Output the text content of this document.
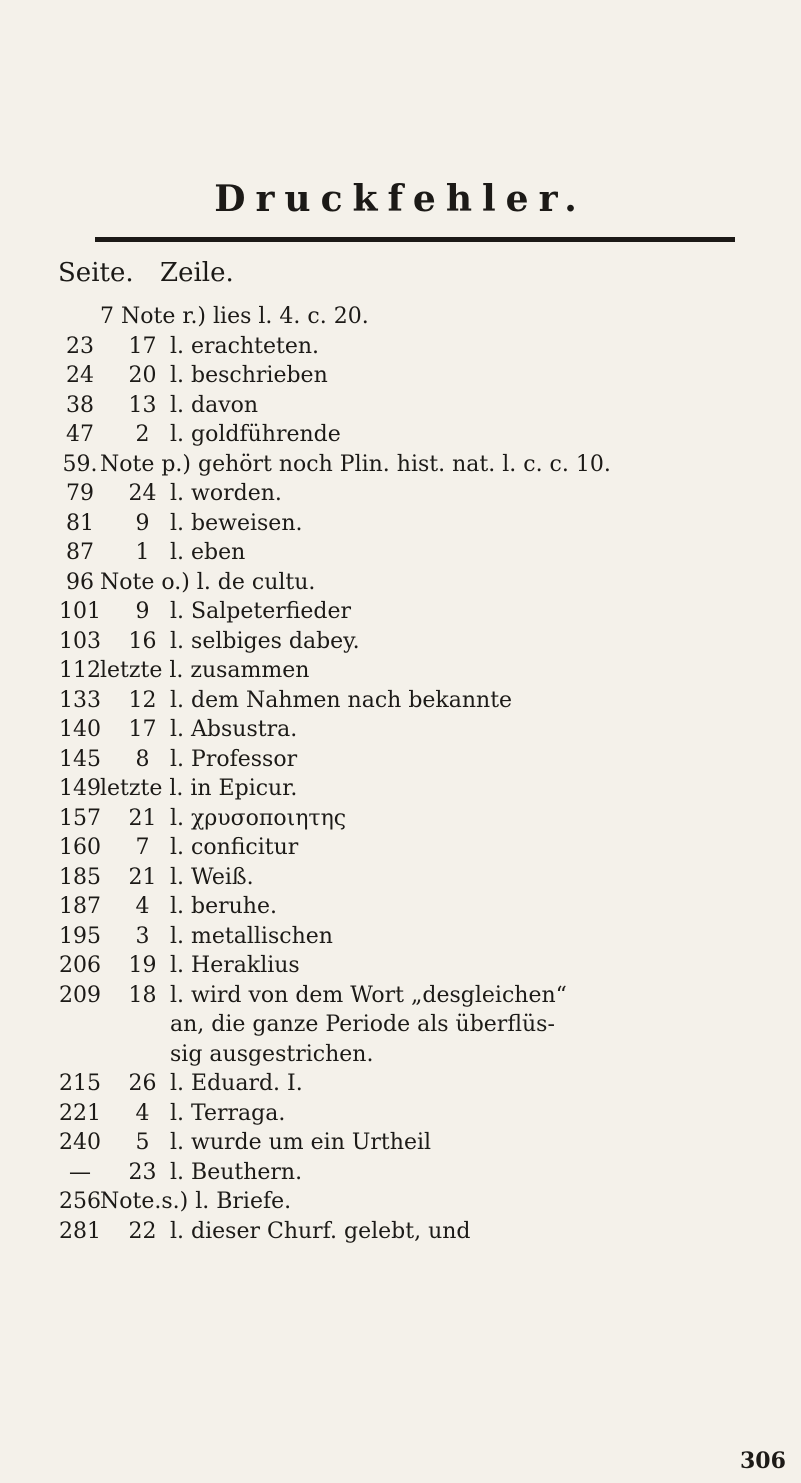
Druckfehler.
Seite. Zeile.
7 Note r.) lies l. 4. c. 20.
23	17 l. erachteten.
24	20 l. beschrieben
38	13 l. davon
47	2 l. goldführende
59. Note p.) gehört noch Plin. hist. nat. l. c. c. 10.
79	24 l. worden.
81	9 l. beweisen.
87	1 l. eben
96 Note o.) l. de cultu.
101	9 l. Salpeterfieder
103	16 l. selbiges dabey.
112 letzte l. zusammen
133	12 l. dem Nahmen nach bekannte
140	17 l. Absustra.
145	8 l. Professor
149 letzte l. in Epicur.
157	21 l. χρυσοποιητης
160	7 l. conficitur
185	21 l. Weiß.
187	4 l. beruhe.
195	3 l. metallischen
206	19 l. Heraklius
209	18 l. wird von dem Wort „desgleichen“
an, die ganze Periode als überflüs-
sig ausgestrichen.
215	26 l. Eduard. I.
221	4 l. Terraga.
240	5 l. wurde um ein Urtheil
—	23 l. Beuthern.
256 Note.s.) l. Briefe.
281	22 l. dieser Churf. gelebt, und
306
